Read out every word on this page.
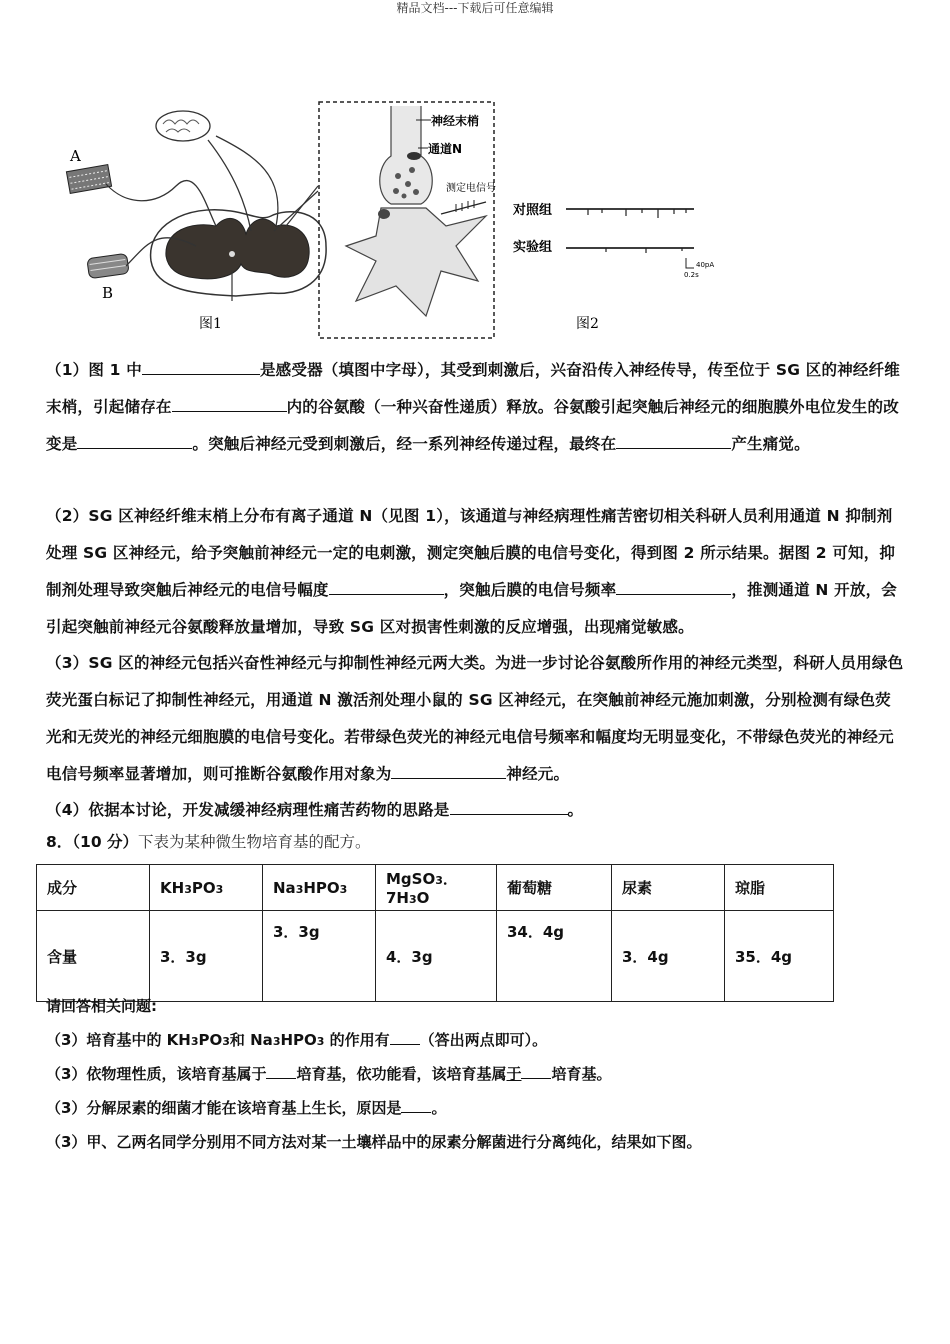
精品文档---下载后可任意编辑
A
B
图1
神经末梢
通道N
测定电信号
对照组
实验组
40pA
0.2s
图2
（1）图 1 中	是感受器（填图中字母），其受到刺激后，兴奋沿传入神经传导，传至位于 SG 区的神经纤维末梢，引起储存在	内的谷氨酸（一种兴奋性递质）释放。谷氨酸引起突触后神经元的细胞膜外电位发生的改变是	。突触后神经元受到刺激后，经一系列神经传递过程，最终在	产生痛觉。
（2）SG 区神经纤维末梢上分布有离子通道 N（见图 1），该通道与神经病理性痛苦密切相关科研人员利用通道 N 抑制剂处理 SG 区神经元，给予突触前神经元一定的电刺激，测定突触后膜的电信号变化，得到图 2 所示结果。据图 2 可知，抑制剂处理导致突触后神经元的电信号幅度	，突触后膜的电信号频率	，推测通道 N 开放，会引起突触前神经元谷氨酸释放量增加，导致 SG 区对损害性刺激的反应增强，出现痛觉敏感。
（3）SG 区的神经元包括兴奋性神经元与抑制性神经元两大类。为进一步讨论谷氨酸所作用的神经元类型，科研人员用绿色荧光蛋白标记了抑制性神经元，用通道 N 激活剂处理小鼠的 SG 区神经元，在突触前神经元施加刺激，分别检测有绿色荧光和无荧光的神经元细胞膜的电信号变化。若带绿色荧光的神经元电信号频率和幅度均无明显变化，不带绿色荧光的神经元电信号频率显著增加，则可推断谷氨酸作用对象为	神经元。
（4）依据本讨论，开发减缓神经病理性痛苦药物的思路是	。
8．（10 分）下表为某种微生物培育基的配方。
成分	KH3PO3	Na3HPO3	MgSO3．7H3O	葡萄糖	尿素	琼脂
含量	3．3g	3．3g	4．3g	34．4g	3．4g	35．4g
请回答相关问题:
（3）培育基中的 KH3PO3和 Na3HPO3 的作用有 （答出两点即可）。
（3）依物理性质，该培育基属于 培育基，依功能看，该培育基属于 培育基。
（3）分解尿素的细菌才能在该培育基上生长，原因是 。
（3）甲、乙两名同学分别用不同方法对某一土壤样品中的尿素分解菌进行分离纯化，结果如下图。
